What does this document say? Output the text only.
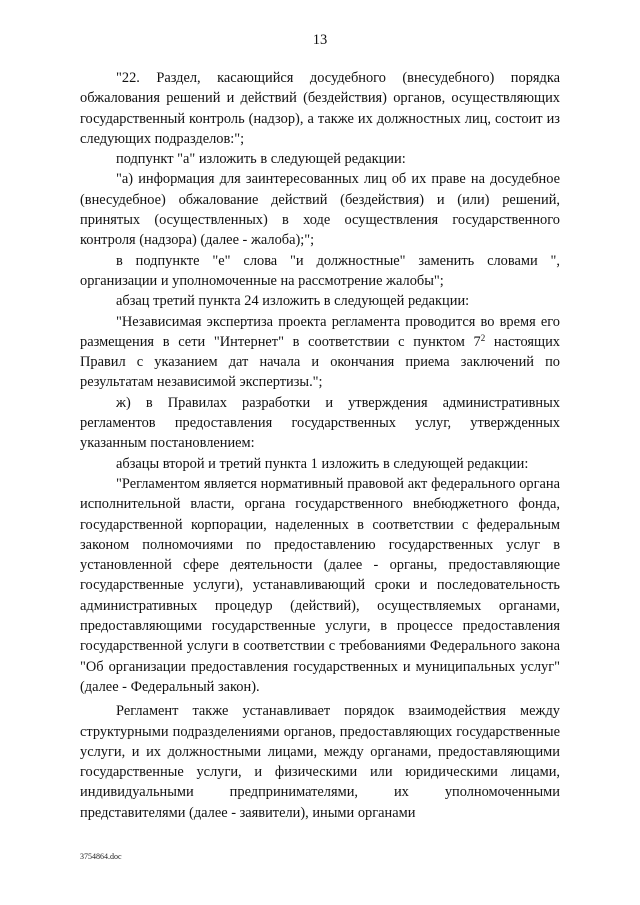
13

"22. Раздел, касающийся досудебного (внесудебного) порядка обжалования решений и действий (бездействия) органов, осуществляющих государственный контроль (надзор), а также их должностных лиц, состоит из следующих подразделов:";

подпункт "а" изложить в следующей редакции:

"а) информация для заинтересованных лиц об их праве на досудебное (внесудебное) обжалование действий (бездействия) и (или) решений, принятых (осуществленных) в ходе осуществления государственного контроля (надзора) (далее - жалоба);";

в подпункте "е" слова "и должностные" заменить словами ", организации и уполномоченные на рассмотрение жалобы";

абзац третий пункта 24 изложить в следующей редакции:

"Независимая экспертиза проекта регламента проводится во время его размещения в сети "Интернет" в соответствии с пунктом $7^2$ настоящих Правил с указанием дат начала и окончания приема заключений по результатам независимой экспертизы.";

ж) в Правилах разработки и утверждения административных регламентов предоставления государственных услуг, утвержденных указанным постановлением:

абзацы второй и третий пункта 1 изложить в следующей редакции:

"Регламентом является нормативный правовой акт федерального органа исполнительной власти, органа государственного внебюджетного фонда, государственной корпорации, наделенных в соответствии с федеральным законом полномочиями по предоставлению государственных услуг в установленной сфере деятельности (далее - органы, предоставляющие государственные услуги), устанавливающий сроки и последовательность административных процедур (действий), осуществляемых органами, предоставляющими государственные услуги, в процессе предоставления государственной услуги в соответствии с требованиями Федерального закона "Об организации предоставления государственных и муниципальных услуг" (далее - Федеральный закон).

Регламент также устанавливает порядок взаимодействия между структурными подразделениями органов, предоставляющих государственные услуги, и их должностными лицами, между органами, предоставляющими государственные услуги, и физическими или юридическими лицами, индивидуальными предпринимателями, их уполномоченными представителями (далее - заявители), иными органами

3754864.doc
